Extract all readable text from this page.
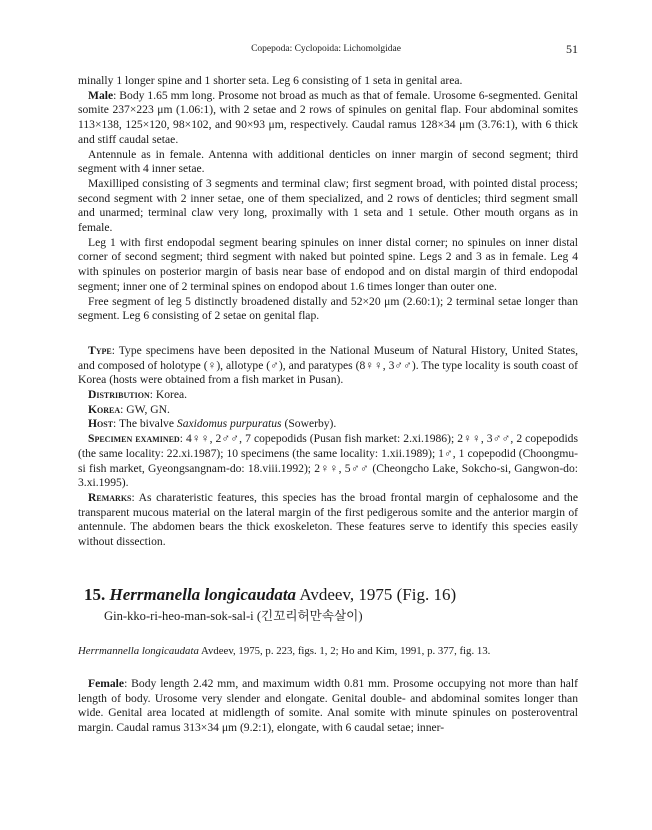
Copepoda: Cyclopoida: Lichomolgidae	51

minally 1 longer spine and 1 shorter seta. Leg 6 consisting of 1 seta in genital area.

Male: Body 1.65 mm long. Prosome not broad as much as that of female. Urosome 6-segmented. Genital somite 237×223 μm (1.06:1), with 2 setae and 2 rows of spinules on genital flap. Four abdominal somites 113×138, 125×120, 98×102, and 90×93 μm, respectively. Caudal ramus 128×34 μm (3.76:1), with 6 thick and stiff caudal setae.

Antennule as in female. Antenna with additional denticles on inner margin of second segment; third segment with 4 inner setae.

Maxilliped consisting of 3 segments and terminal claw; first segment broad, with pointed distal process; second segment with 2 inner setae, one of them specialized, and 2 rows of denticles; third segment small and unarmed; terminal claw very long, proximally with 1 seta and 1 setule. Other mouth organs as in female.

Leg 1 with first endopodal segment bearing spinules on inner distal corner; no spinules on inner distal corner of second segment; third segment with naked but pointed spine. Legs 2 and 3 as in female. Leg 4 with spinules on posterior margin of basis near base of endopod and on distal margin of third endopodal segment; inner one of 2 terminal spines on endopod about 1.6 times longer than outer one.

Free segment of leg 5 distinctly broadened distally and 52×20 μm (2.60:1); 2 terminal setae longer than segment. Leg 6 consisting of 2 setae on genital flap.

Type: Type specimens have been deposited in the National Museum of Natural History, United States, and composed of holotype (♀), allotype (♂), and paratypes (8♀♀, 3♂♂). The type locality is south coast of Korea (hosts were obtained from a fish market in Pusan).

Distribution: Korea.

Korea: GW, GN.

Host: The bivalve Saxidomus purpuratus (Sowerby).

Specimen examined: 4♀♀, 2♂♂, 7 copepodids (Pusan fish market: 2.xi.1986); 2♀♀, 3♂♂, 2 copepodids (the same locality: 22.xi.1987); 10 specimens (the same locality: 1.xii.1989); 1♂, 1 copepodid (Choongmu-si fish market, Gyeongsangnam-do: 18.viii.1992); 2♀♀, 5♂♂ (Cheongcho Lake, Sokcho-si, Gangwon-do: 3.xi.1995).

Remarks: As charateristic features, this species has the broad frontal margin of cephalosome and the transparent mucous material on the lateral margin of the first pedigerous somite and the anterior margin of antennule. The abdomen bears the thick exoskeleton. These features serve to identify this species easily without dissection.

15. Herrmanella longicaudata Avdeev, 1975 (Fig. 16)
Gin-kko-ri-heo-man-sok-sal-i (긴꼬리허만속살이)

Herrmannella longicaudata Avdeev, 1975, p. 223, figs. 1, 2; Ho and Kim, 1991, p. 377, fig. 13.

Female: Body length 2.42 mm, and maximum width 0.81 mm. Prosome occupying not more than half length of body. Urosome very slender and elongate. Genital double- and abdominal somites longer than wide. Genital area located at midlength of somite. Anal somite with minute spinules on posteroventral margin. Caudal ramus 313×34 μm (9.2:1), elongate, with 6 caudal setae; inner-
